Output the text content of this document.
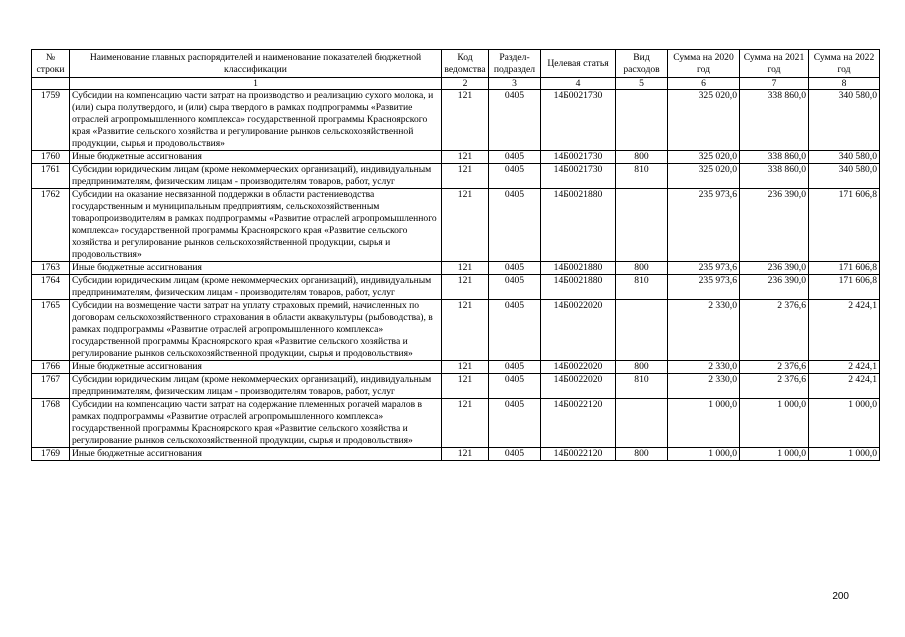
№ строки	Наименование главных распорядителей и наименование показателей бюджетной классификации	Код ведомства	Раздел-подраздел	Целевая статья	Вид расходов	Сумма на 2020 год	Сумма на 2021 год	Сумма на 2022 год
	1	2	3	4	5	6	7	8
1759	Субсидии на компенсацию части затрат на производство и реализацию сухого молока, и (или) сыра полутвердого, и (или) сыра твердого в рамках подпрограммы «Развитие отраслей агропромышленного комплекса» государственной программы Красноярского края «Развитие сельского хозяйства и регулирование рынков сельскохозяйственной продукции, сырья и продовольствия»	121	0405	14Б0021730		325 020,0	338 860,0	340 580,0
1760	Иные бюджетные ассигнования	121	0405	14Б0021730	800	325 020,0	338 860,0	340 580,0
1761	Субсидии юридическим лицам (кроме некоммерческих организаций), индивидуальным предпринимателям, физическим лицам - производителям товаров, работ, услуг	121	0405	14Б0021730	810	325 020,0	338 860,0	340 580,0
1762	Субсидии на оказание несвязанной поддержки в области растениеводства государственным и муниципальным предприятиям, сельскохозяйственным товаропроизводителям в рамках подпрограммы «Развитие отраслей агропромышленного комплекса» государственной программы Красноярского края «Развитие сельского хозяйства и регулирование рынков сельскохозяйственной продукции, сырья и продовольствия»	121	0405	14Б0021880		235 973,6	236 390,0	171 606,8
1763	Иные бюджетные ассигнования	121	0405	14Б0021880	800	235 973,6	236 390,0	171 606,8
1764	Субсидии юридическим лицам (кроме некоммерческих организаций), индивидуальным предпринимателям, физическим лицам - производителям товаров, работ, услуг	121	0405	14Б0021880	810	235 973,6	236 390,0	171 606,8
1765	Субсидии на возмещение части затрат на уплату страховых премий, начисленных по договорам сельскохозяйственного страхования в области аквакультуры (рыбоводства), в рамках подпрограммы «Развитие отраслей агропромышленного комплекса» государственной программы Красноярского края «Развитие сельского хозяйства и регулирование рынков сельскохозяйственной продукции, сырья и продовольствия»	121	0405	14Б0022020		2 330,0	2 376,6	2 424,1
1766	Иные бюджетные ассигнования	121	0405	14Б0022020	800	2 330,0	2 376,6	2 424,1
1767	Субсидии юридическим лицам (кроме некоммерческих организаций), индивидуальным предпринимателям, физическим лицам - производителям товаров, работ, услуг	121	0405	14Б0022020	810	2 330,0	2 376,6	2 424,1
1768	Субсидии на компенсацию части затрат на содержание племенных рогачей маралов в рамках подпрограммы «Развитие отраслей агропромышленного комплекса» государственной программы Красноярского края «Развитие сельского хозяйства и регулирование рынков сельскохозяйственной продукции, сырья и продовольствия»	121	0405	14Б0022120		1 000,0	1 000,0	1 000,0
1769	Иные бюджетные ассигнования	121	0405	14Б0022120	800	1 000,0	1 000,0	1 000,0
200
